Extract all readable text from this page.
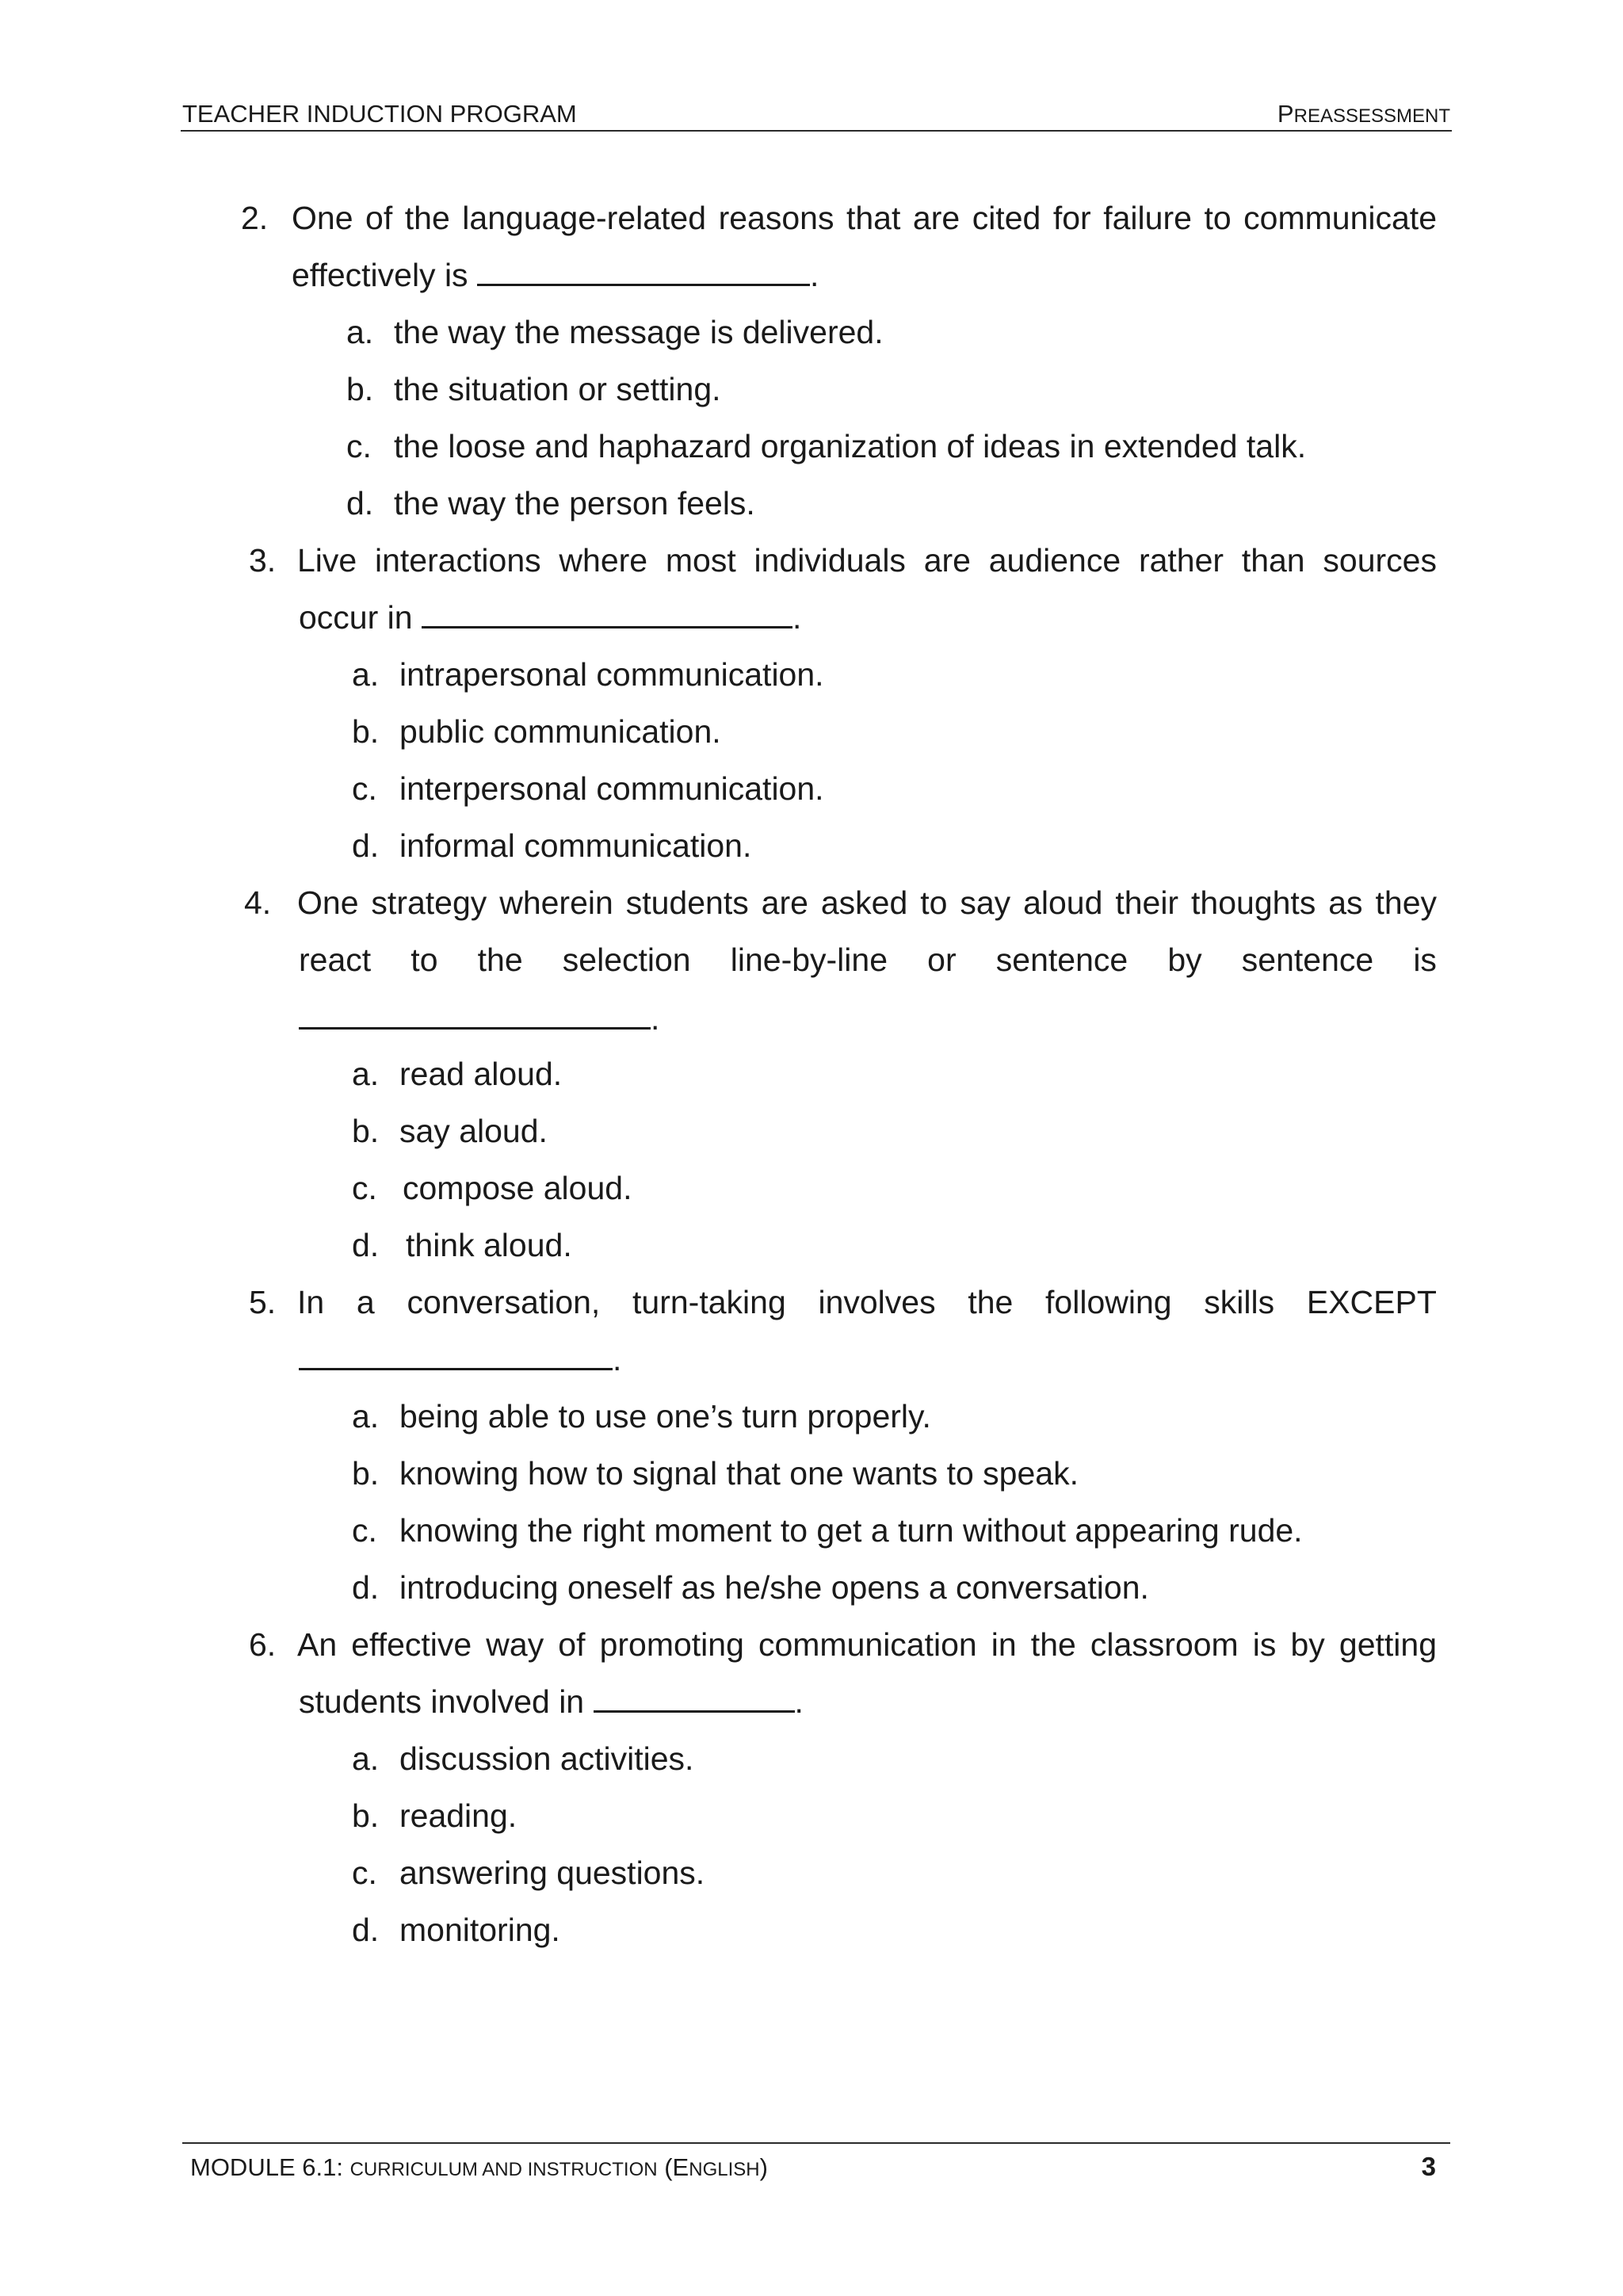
TEACHER INDUCTION PROGRAM	PREASSESSMENT
2. One of the language-related reasons that are cited for failure to communicate
effectively is	.
a. the way the message is delivered.
b. the situation or setting.
c. the loose and haphazard organization of ideas in extended talk.
d. the way the person feels.
3. Live interactions where most individuals are audience rather than sources
occur in	.
a. intrapersonal communication.
b. public communication.
c. interpersonal communication.
d. informal communication.
4. One strategy wherein students are asked to say aloud their thoughts as they
react to the selection line-by-line or sentence by sentence is
.
a. read aloud.
b. say aloud.
c. compose aloud.
d. think aloud.
5. In a conversation, turn-taking involves the following skills EXCEPT
.
a. being able to use one’s turn properly.
b. knowing how to signal that one wants to speak.
c. knowing the right moment to get a turn without appearing rude.
d. introducing oneself as he/she opens a conversation.
6. An effective way of promoting communication in the classroom is by getting
students involved in	.
a. discussion activities.
b. reading.
c. answering questions.
d. monitoring.
MODULE 6.1: CURRICULUM AND INSTRUCTION (ENGLISH)	3
